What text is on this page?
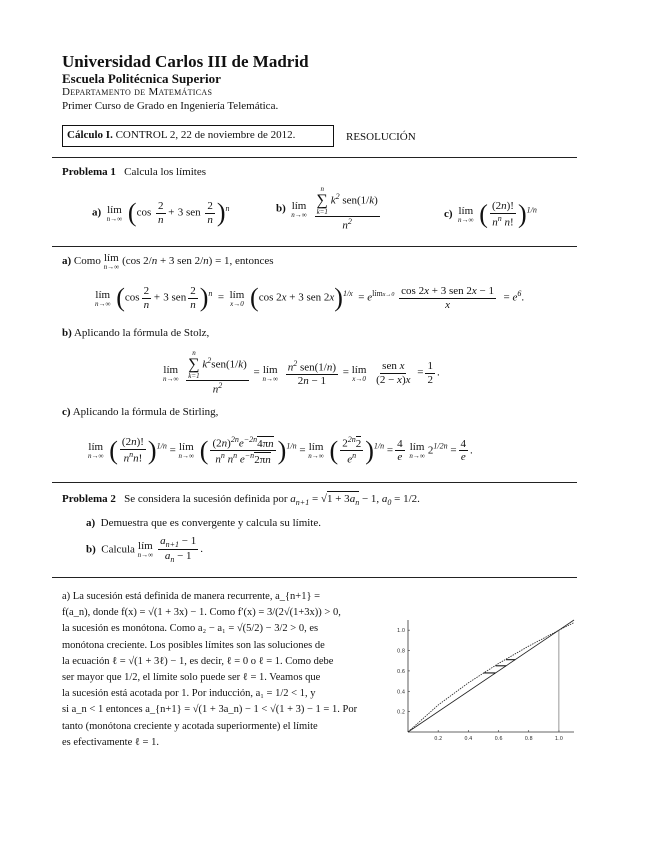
Universidad Carlos III de Madrid
Escuela Politécnica Superior
Departamento de Matemáticas
Primer Curso de Grado en Ingeniería Telemática.
Cálculo I. CONTROL 2, 22 de noviembre de 2012.	RESOLUCIÓN
Problema 1 Calcula los límites
a) lím
n→∞ ($\cos \frac{2}{n} + 3$ sen $\frac{2}{n} )^n$	b) lím
n→∞
n
∑
k=1
$k^2$ sen(1/k)
$n^2$	c) lím
n→∞ ( $\frac{(2n)!}{n^n n!} )^{1/n}$
a) Como lím
n→∞ (cos 2/n + 3 sen 2/n) = 1, entonces
lím
n→∞ ($\cos \frac{2}{n} + 3$ sen $\frac{2}{n} )^n$  = lím
x→0 (cos 2x + 3 sen $2x)^{1/x} = e^{límx\to 0} \frac{\text{cos 2x + 3 sen 2x − 1}}{x} = e^6$.
b) Aplicando la fórmula de Stolz,
lím
n→∞
n
∑
k=1
$k^2sen(1/k)$
$n^2$ = lím
n→∞
$\frac{n^2 sen(1/n)}{2n - 1}$ = lím
x→0
$\frac{\text{sen x}}{(2 - x)x} = \frac{1}{2}$ .
c) Aplicando la fórmula de Stirling,
lím
n→∞ ( $\frac{(2n)!}{n^nn!} )^{1/n}$ = lím
n→∞ ( $\frac{(2n)^{2n}e^{-2n}4\pi n}{n^n n^n e^{-n}2\pi n} )^{1/n}$ = lím
n→∞ ( $\frac{2^{2n}2}{e^n} )^{1/n} = \frac{4}{e}$
lím
n→∞ $2^{1/2n} = \frac{4}{e}$ .
Problema 2 Se considera la sucesión definida por $a_{n+1} = √1 + 3a_n - 1$, $a_0 = 1/2$.
a) Demuestra que es convergente y calcula su límite.
b) Calcula lím
$n\to\infty \frac{a_{n+1} - 1}{a_n - 1}$ .
a) La sucesión está definida de manera recurrente, a_{n+1} =
f(a_n), donde f(x) = √(1 + 3x) − 1. Como f′(x) = 3/(2√(1+3x)) > 0,
la sucesión es monótona. Como a₂ − a₁ = √(5/2) − 3/2 > 0, es
monótona creciente. Los posibles límites son las soluciones de
la ecuación ℓ = √(1 + 3ℓ) − 1, es decir, ℓ = 0 o ℓ = 1. Como debe
ser mayor que 1/2, el límite solo puede ser ℓ = 1. Veamos que
la sucesión está acotada por 1. Por inducción, a₁ = 1/2 < 1, y
si a_n < 1 entonces a_{n+1} = √(1 + 3a_n) − 1 < √(1 + 3) − 1 = 1. Por
tanto (monótona creciente y acotada superiormente) el límite
es efectivamente ℓ = 1.	0.2	0.4	0.6	0.8	1.0
0.2
0.4
0.6
0.8
1.0
